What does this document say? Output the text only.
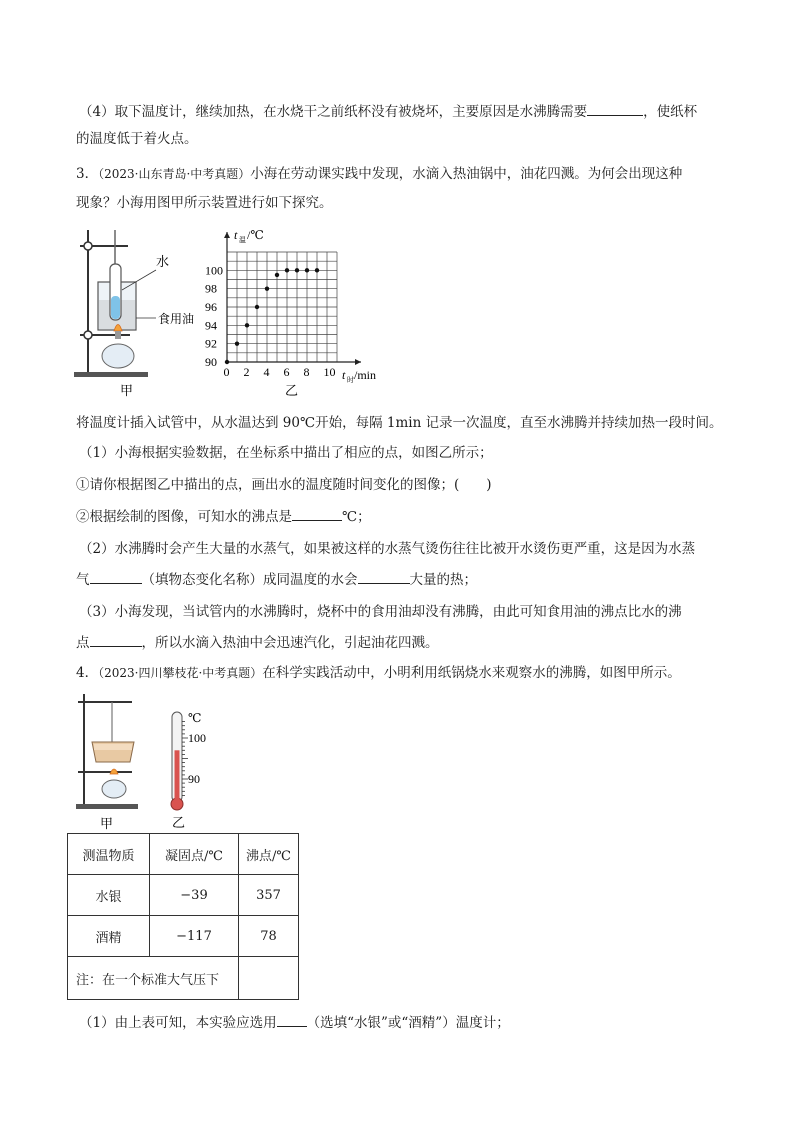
（4）取下温度计，继续加热，在水烧干之前纸杯没有被烧坏，主要原因是水沸腾需要	，使纸杯
的温度低于着火点。
3．（2023·山东青岛·中考真题）小海在劳动课实践中发现，水滴入热油锅中，油花四溅。为何会出现这种
现象？小海用图甲所示装置进行如下探究。
水
食用油
甲
t 温 /℃
t 时 /min
乙
0 2 4 6 8 10
90
92
94
96
98
100
将温度计插入试管中，从水温达到 90℃开始，每隔 1min 记录一次温度，直至水沸腾并持续加热一段时间。
（1）小海根据实验数据，在坐标系中描出了相应的点，如图乙所示；
①请你根据图乙中描出的点，画出水的温度随时间变化的图像；(　　)
②根据绘制的图像，可知水的沸点是	℃；
（2）水沸腾时会产生大量的水蒸气，如果被这样的水蒸气烫伤往往比被开水烫伤更严重，这是因为水蒸
气	（填物态变化名称）成同温度的水会	大量的热；
（3）小海发现，当试管内的水沸腾时，烧杯中的食用油却没有沸腾，由此可知食用油的沸点比水的沸
点	，所以水滴入热油中会迅速汽化，引起油花四溅。
4．（2023·四川攀枝花·中考真题）在科学实践活动中，小明利用纸锅烧水来观察水的沸腾，如图甲所示。
甲
℃
100
90
乙
测温物质	凝固点/℃	沸点/℃
水银	−39	357
酒精	−117	78
注：在一个标准大气压下		
（1）由上表可知，本实验应选用 （选填“水银”或“酒精”）温度计；
